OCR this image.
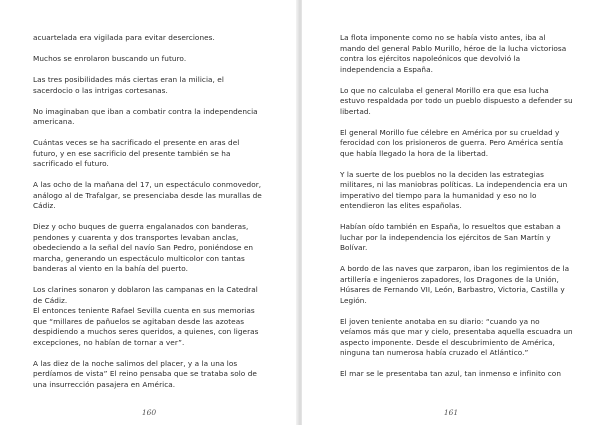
acuartelada era vigilada para evitar deserciones.

Muchos se enrolaron buscando un futuro.

Las tres posibilidades más ciertas eran la milicia, el sacerdocio o las intrigas cortesanas.

No imaginaban que iban a combatir contra la independencia americana.

Cuántas veces se ha sacrificado el presente en aras del futuro, y en ese sacrificio del presente también se ha sacrificado el futuro.

A las ocho de la mañana del 17, un espectáculo conmovedor, análogo al de Trafalgar, se presenciaba desde las murallas de Cádiz.

Diez y ocho buques de guerra engalanados con banderas, pendones y cuarenta y dos transportes levaban anclas, obedeciendo a la señal del navío San Pedro, poniéndose en marcha, generando un espectáculo multicolor con tantas banderas al viento en la bahía del puerto.

Los clarines sonaron y doblaron las campanas en la Catedral de Cádiz.

El entonces teniente Rafael Sevilla cuenta en sus memorias que “millares de pañuelos se agitaban desde las azoteas despidiendo a muchos seres queridos, a quienes, con ligeras excepciones, no habían de tornar a ver”.

A las diez de la noche salimos del placer, y a la una los perdíamos de vista” El reino pensaba que se trataba solo de una insurrección pasajera en América.

160

La flota imponente como no se había visto antes, iba al mando del general Pablo Murillo, héroe de la lucha victoriosa contra los ejércitos napoleónicos que devolvió la independencia a España.

Lo que no calculaba el general Morillo era que esa lucha estuvo respaldada por todo un pueblo dispuesto a defender su libertad.

El general Morillo fue célebre en América por su crueldad y ferocidad con los prisioneros de guerra. Pero América sentía que había llegado la hora de la libertad.

Y la suerte de los pueblos no la deciden las estrategias militares, ni las maniobras políticas. La independencia era un imperativo del tiempo para la humanidad y eso no lo entendieron las elites españolas.

Habían oído también en España, lo resueltos que estaban a luchar por la independencia los ejércitos de San Martín y Bolívar.

A bordo de las naves que zarparon, iban los regimientos de la artillería e ingenieros zapadores, los Dragones de la Unión, Húsares de Fernando VII, León, Barbastro, Victoria, Castilla y Legión.

El joven teniente anotaba en su diario: “cuando ya no veíamos más que mar y cielo, presentaba aquella escuadra un aspecto imponente. Desde el descubrimiento de América, ninguna tan numerosa había cruzado el Atlántico.”

El mar se le presentaba tan azul, tan inmenso e infinito con

161
